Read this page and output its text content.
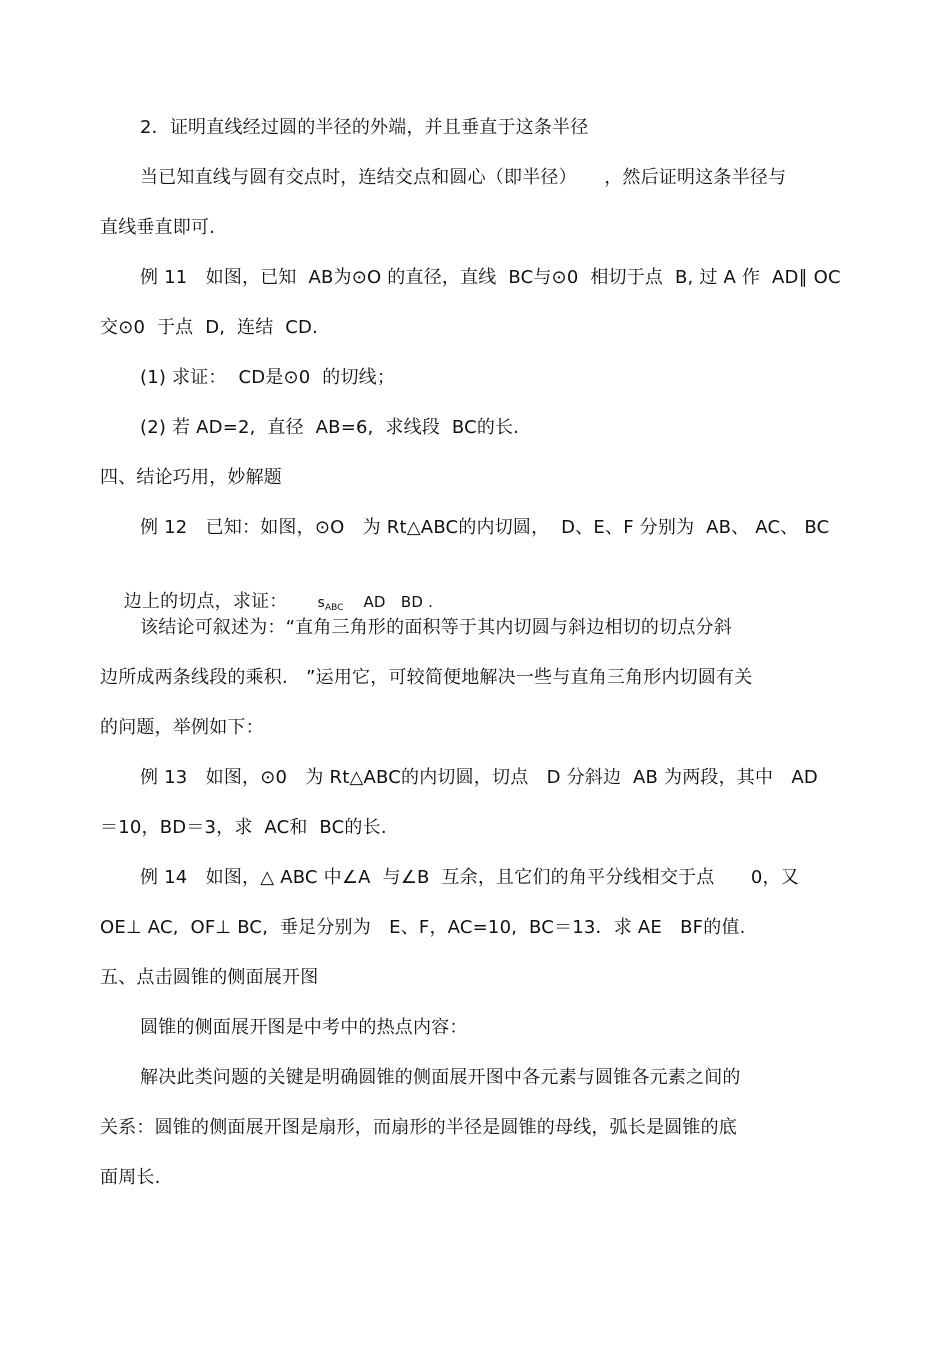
2．证明直线经过圆的半径的外端，并且垂直于这条半径
当已知直线与圆有交点时，连结交点和圆心（即半径）　　，然后证明这条半径与
直线垂直即可.
例 11　如图，已知  AB为⊙O 的直径，直线  BC与⊙0  相切于点  B, 过 A 作  AD∥ OC
交⊙0  于点  D,  连结  CD.
(1) 求证：  CD是⊙0  的切线；
(2) 若 AD=2,  直径  AB=6,  求线段  BC的长.
四、结论巧用，妙解题
例 12　已知：如图，⊙O　为 Rt△ABC的内切圆，  D、E、F 分别为  AB、 AC、 BC

边上的切点，求证： $s_{ABC}$ AD　BD .

该结论可叙述为：“直角三角形的面积等于其内切圆与斜边相切的切点分斜
边所成两条线段的乘积.　”运用它，可较简便地解决一些与直角三角形内切圆有关
的问题，举例如下：
例 13　如图，⊙0　为 Rt△ABC的内切圆，切点　D 分斜边  AB 为两段，其中　AD
＝10，BD＝3，求  AC和  BC的长.
例 14　如图，△ ABC 中∠A  与∠B  互余，且它们的角平分线相交于点　　0，又
OE⊥ AC,  OF⊥ BC,  垂足分别为　E、F，AC=10,  BC＝13．求 AE　BF的值.
五、点击圆锥的侧面展开图
圆锥的侧面展开图是中考中的热点内容：
解决此类问题的关键是明确圆锥的侧面展开图中各元素与圆锥各元素之间的
关系：圆锥的侧面展开图是扇形，而扇形的半径是圆锥的母线，弧长是圆锥的底
面周长.
